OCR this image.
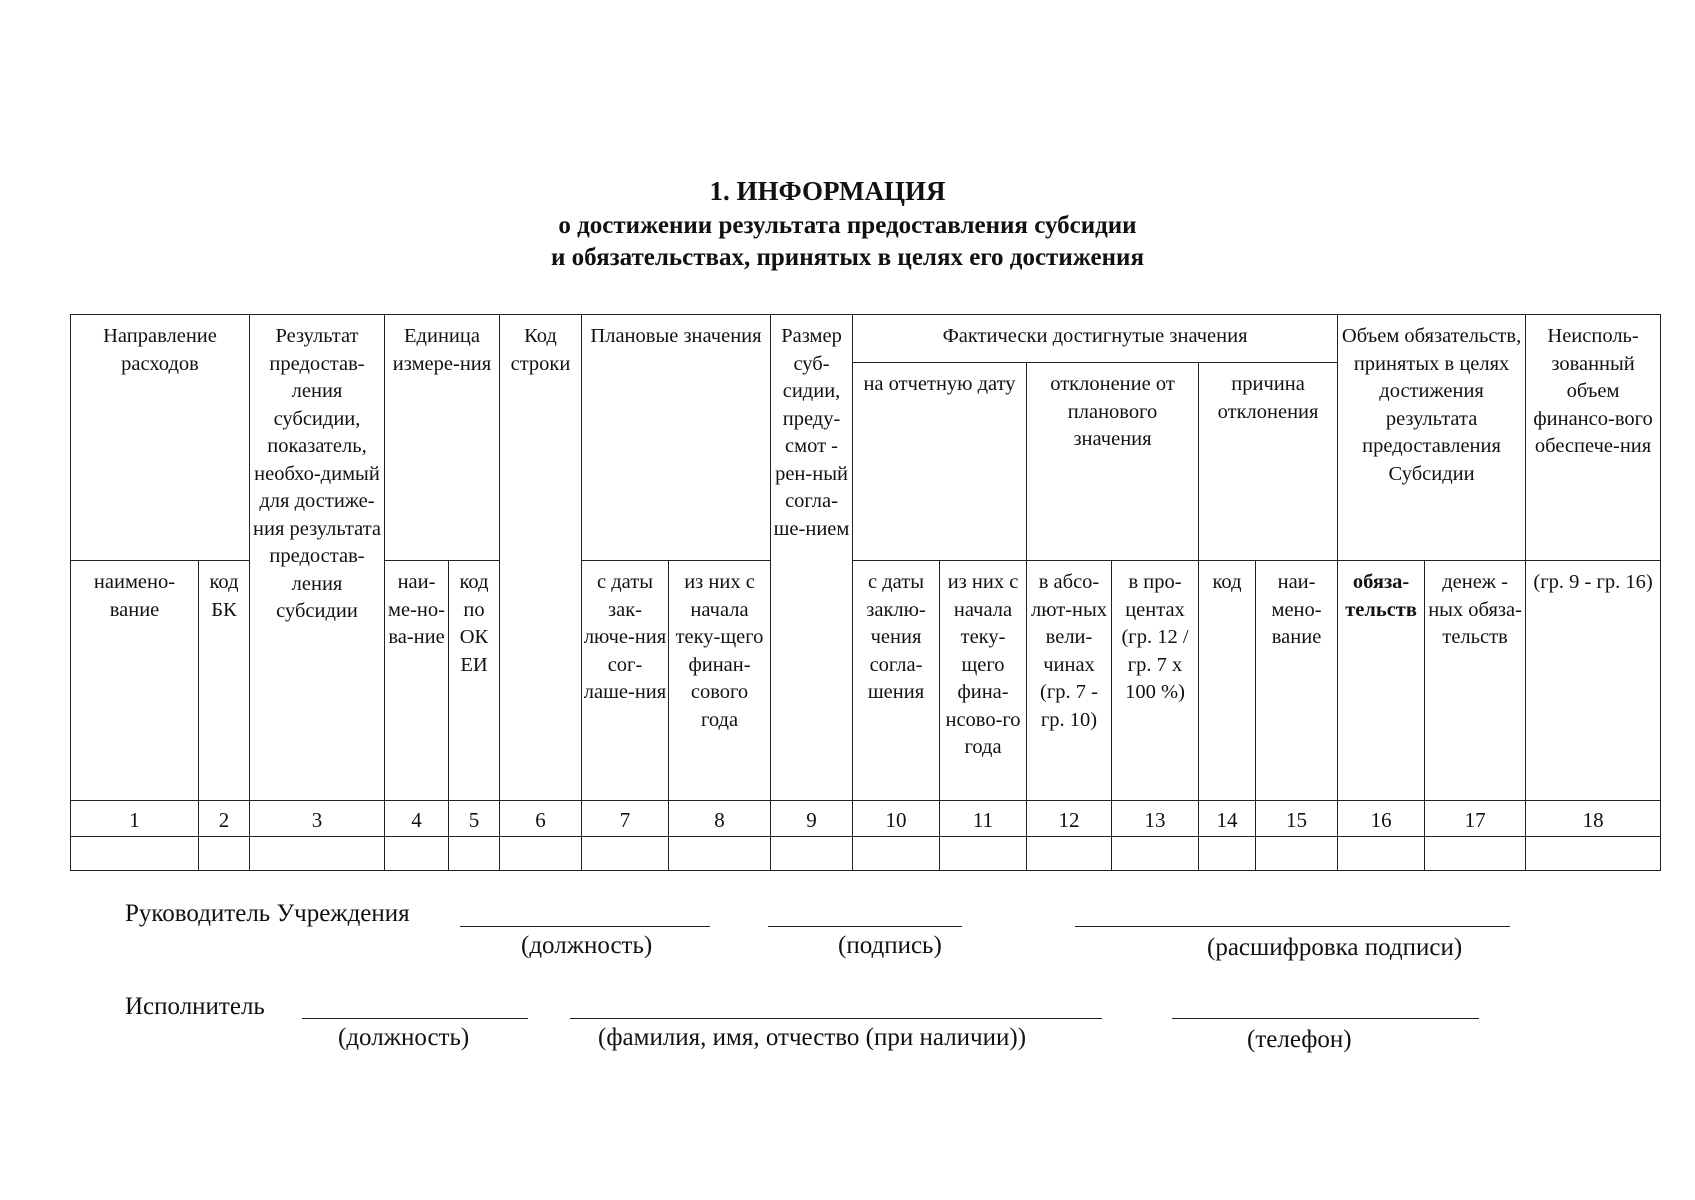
1. ИНФОРМАЦИЯ
о достижении результата предоставления субсидии
и обязательствах, принятых в целях его достижения
Направление расходов		Результат предостав-ления субсидии, показатель, необхо-димый для достиже-ния результата предостав-ления субсидии	Единица измере-ния		Код строки	Плановые значения		Размер суб-сидии, преду-смот - рен-ный согла-ше-нием	Фактически достигнутые значения						Объем обязательств, принятых в целях достижения результата предоставления Субсидии		Неисполь-зованный объем финансо-вого обеспече-ния
									на отчетную дату		отклонение от планового значения		причина отклонения				
наимено-вание	код БК		наи-ме-но-ва-ние	код по ОК ЕИ		с даты зак-люче-ния сог-лаше-ния	из них с начала теку-щего финан-сового года		с даты заклю-чения согла-шения	из них с начала теку-щего фина-нсово-го года	в абсо-лют-ных вели-чинах (гр. 7 - гр. 10)	в про-центах (гр. 12 / гр. 7 х 100 %)	код	наи-мено-вание	обяза-тельств	денеж - ных обяза-тельств	(гр. 9 - гр. 16)
1	2	3	4	5	6	7	8	9	10	11	12	13	14	15	16	17	18

Руководитель Учреждения
(должность)	(подпись)	(расшифровка подписи)
Исполнитель
(должность)	(фамилия, имя, отчество (при наличии))	(телефон)
